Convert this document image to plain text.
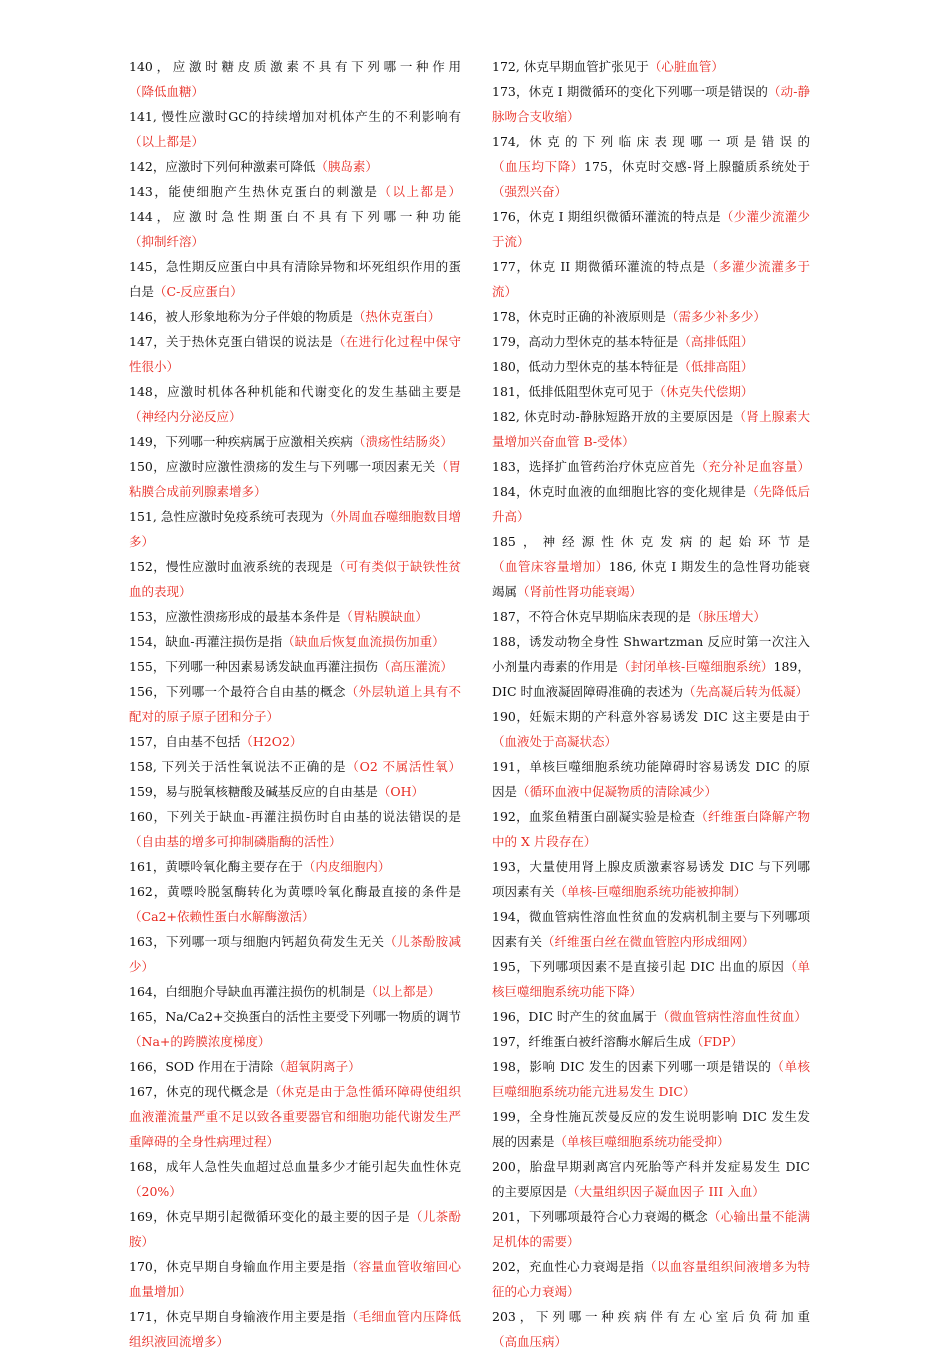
140，应激时糖皮质激素不具有下列哪一种作用（降低血糖）

141, 慢性应激时GC的持续增加对机体产生的不利影响有（以上都是）

142，应激时下列何种激素可降低（胰岛素）

143，能使细胞产生热休克蛋白的刺激是（以上都是）144，应激时急性期蛋白不具有下列哪一种功能（抑制纤溶）

145，急性期反应蛋白中具有清除异物和坏死组织作用的蛋白是（C-反应蛋白）

146，被人形象地称为分子伴娘的物质是（热休克蛋白）

147，关于热休克蛋白错误的说法是（在进行化过程中保守性很小）

148，应激时机体各种机能和代谢变化的发生基础主要是（神经内分泌反应）

149，下列哪一种疾病属于应激相关疾病（溃疡性结肠炎）

150，应激时应激性溃疡的发生与下列哪一项因素无关（胃粘膜合成前列腺素增多）

151, 急性应激时免疫系统可表现为（外周血吞噬细胞数目增多）

152，慢性应激时血液系统的表现是（可有类似于缺铁性贫血的表现）

153，应激性溃疡形成的最基本条件是（胃粘膜缺血）

154，缺血-再灌注损伤是指（缺血后恢复血流损伤加重）

155，下列哪一种因素易诱发缺血再灌注损伤（高压灌流）

156，下列哪一个最符合自由基的概念（外层轨道上具有不配对的原子原子团和分子）

157，自由基不包括（H2O2）

158, 下列关于活性氧说法不正确的是（O2 不属活性氧）159，易与脱氧核糖酸及碱基反应的自由基是（OH）

160，下列关于缺血-再灌注损伤时自由基的说法错误的是（自由基的增多可抑制磷脂酶的活性）

161，黄嘌呤氧化酶主要存在于（内皮细胞内）

162，黄嘌呤脱氢酶转化为黄嘌呤氧化酶最直接的条件是（Ca2+依赖性蛋白水解酶激活）

163，下列哪一项与细胞内钙超负荷发生无关（儿茶酚胺减少）

164，白细胞介导缺血再灌注损伤的机制是（以上都是）

165，Na/Ca2+交换蛋白的活性主要受下列哪一物质的调节（Na+的跨膜浓度梯度）

166，SOD 作用在于清除（超氧阴离子）

167，休克的现代概念是（休克是由于急性循环障碍使组织血液灌流量严重不足以致各重要器官和细胞功能代谢发生严重障碍的全身性病理过程）

168，成年人急性失血超过总血量多少才能引起失血性休克（20%）

169，休克早期引起微循环变化的最主要的因子是（儿茶酚胺）

170，休克早期自身输血作用主要是指（容量血管收缩回心血量增加）

171，休克早期自身输液作用主要是指（毛细血管内压降低组织液回流增多）

172, 休克早期血管扩张见于（心脏血管）

173，休克 I 期微循环的变化下列哪一项是错误的（动-静脉吻合支收缩）

174, 休克的下列临床表现哪一项是错误的（血压均下降）175，休克时交感-肾上腺髓质系统处于（强烈兴奋）

176，休克 I 期组织微循环灌流的特点是（少灌少流灌少于流）

177，休克 II 期微循环灌流的特点是（多灌少流灌多于流）

178，休克时正确的补液原则是（需多少补多少）

179，高动力型休克的基本特征是（高排低阻）

180，低动力型休克的基本特征是（低排高阻）

181，低排低阻型休克可见于（休克失代偿期）

182, 休克时动-静脉短路开放的主要原因是（肾上腺素大量增加兴奋血管 B-受体）

183，选择扩血管药治疗休克应首先（充分补足血容量）184，休克时血液的血细胞比容的变化规律是（先降低后升高）

185，神经源性休克发病的起始环节是（血管床容量增加）186, 休克 I 期发生的急性肾功能衰竭属（肾前性肾功能衰竭）

187，不符合休克早期临床表现的是（脉压增大）

188，诱发动物全身性 Shwartzman 反应时第一次注入小剂量内毒素的作用是（封闭单核-巨噬细胞系统）189，DIC 时血液凝固障碍准确的表述为（先高凝后转为低凝）

190，妊娠末期的产科意外容易诱发 DIC 这主要是由于（血液处于高凝状态）

191，单核巨噬细胞系统功能障碍时容易诱发 DIC 的原因是（循环血液中促凝物质的清除减少）

192，血浆鱼精蛋白副凝实验是检查（纤维蛋白降解产物中的 X 片段存在）

193，大量使用肾上腺皮质激素容易诱发 DIC 与下列哪项因素有关（单核-巨噬细胞系统功能被抑制）

194，微血管病性溶血性贫血的发病机制主要与下列哪项因素有关（纤维蛋白丝在微血管腔内形成细网）

195，下列哪项因素不是直接引起 DIC 出血的原因（单核巨噬细胞系统功能下降）

196，DIC 时产生的贫血属于（微血管病性溶血性贫血）

197，纤维蛋白被纤溶酶水解后生成（FDP）

198，影响 DIC 发生的因素下列哪一项是错误的（单核巨噬细胞系统功能亢进易发生 DIC）

199，全身性施瓦茨曼反应的发生说明影响 DIC 发生发展的因素是（单核巨噬细胞系统功能受抑）

200，胎盘早期剥离宫内死胎等产科并发症易发生 DIC 的主要原因是（大量组织因子凝血因子 III 入血）

201，下列哪项最符合心力衰竭的概念（心输出量不能满足机体的需要）

202，充血性心力衰竭是指（以血容量组织间液增多为特征的心力衰竭）

203，下列哪一种疾病伴有左心室后负荷加重（高血压病）
